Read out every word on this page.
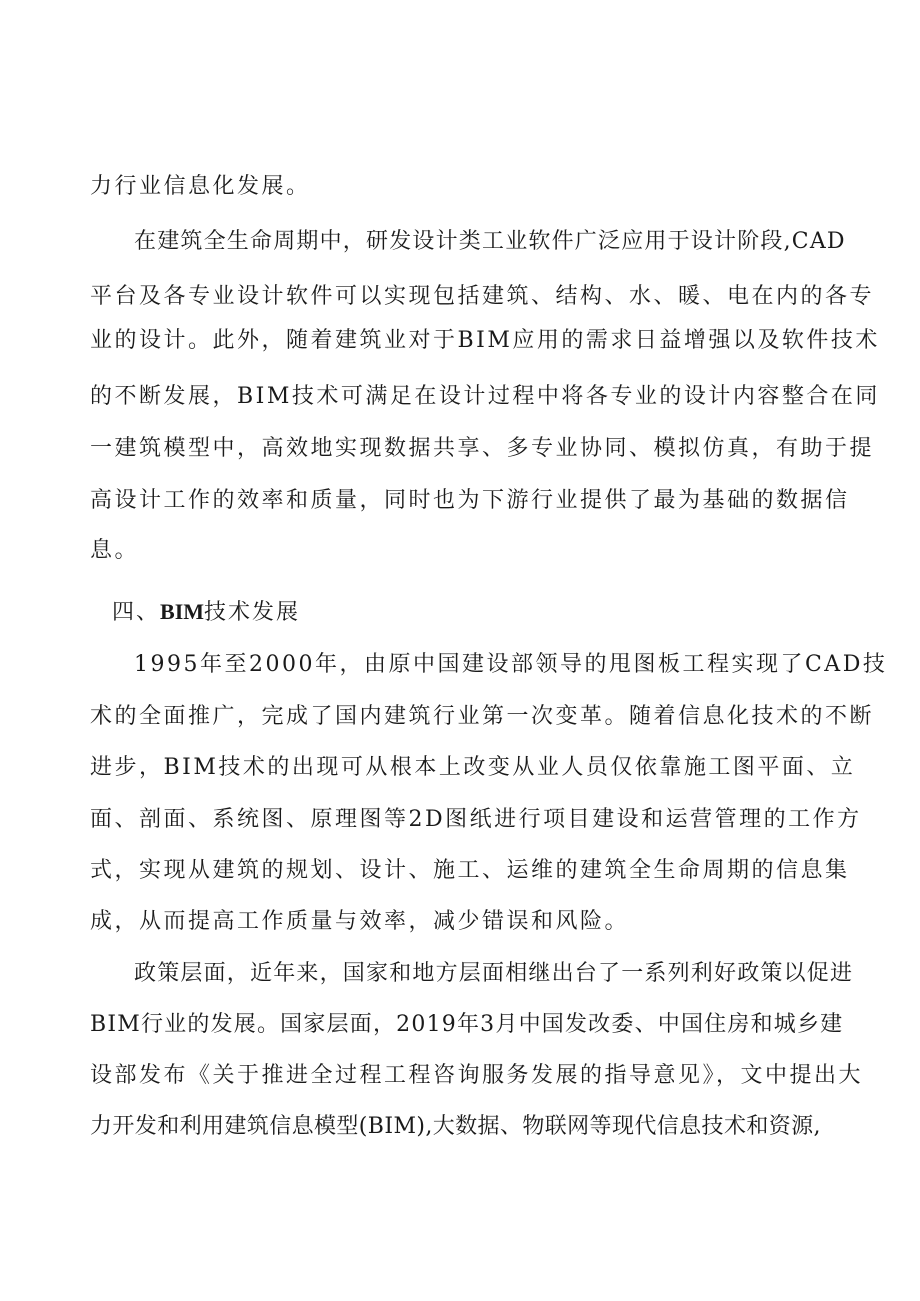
力行业信息化发展。
在建筑全生命周期中，研发设计类工业软件广泛应用于设计阶段,CAD
平台及各专业设计软件可以实现包括建筑、结构、水、暖、电在内的各专
业的设计。此外，随着建筑业对于BIM应用的需求日益增强以及软件技术
的不断发展，BIM技术可满足在设计过程中将各专业的设计内容整合在同
一建筑模型中，高效地实现数据共享、多专业协同、模拟仿真，有助于提
高设计工作的效率和质量，同时也为下游行业提供了最为基础的数据信
息。
四、BIM技术发展
1995年至2000年，由原中国建设部领导的甩图板工程实现了CAD技
术的全面推广，完成了国内建筑行业第一次变革。随着信息化技术的不断
进步，BIM技术的出现可从根本上改变从业人员仅依靠施工图平面、立
面、剖面、系统图、原理图等2D图纸进行项目建设和运营管理的工作方
式，实现从建筑的规划、设计、施工、运维的建筑全生命周期的信息集
成，从而提高工作质量与效率，减少错误和风险。
政策层面，近年来，国家和地方层面相继出台了一系列利好政策以促进
BIM行业的发展。国家层面，2019年3月中国发改委、中国住房和城乡建
设部发布《关于推进全过程工程咨询服务发展的指导意见》，文中提出大
力开发和利用建筑信息模型(BIM),大数据、物联网等现代信息技术和资源,
